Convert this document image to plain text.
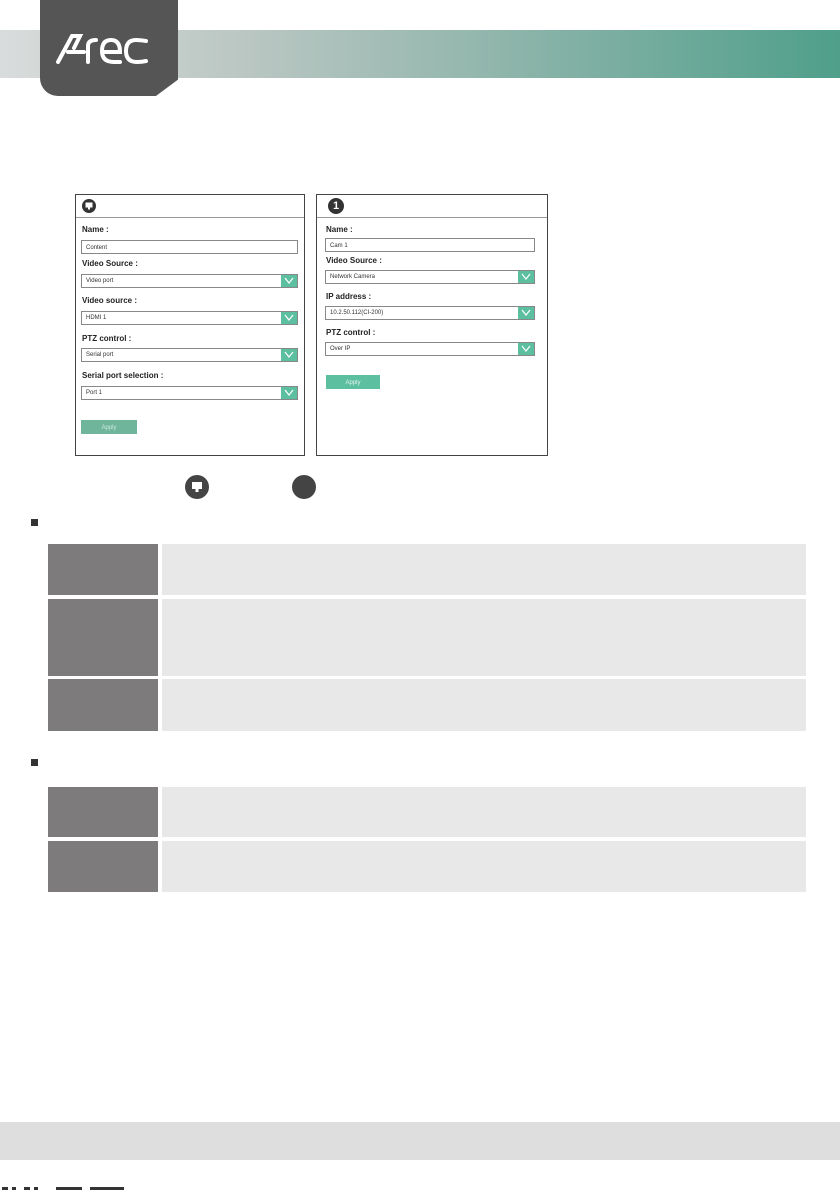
Name :
Content
Video Source :
Video port
Video source :
HDMI 1
PTZ control :
Serial port
Serial port selection :
Port 1
Apply
1
Name :
Cam 1
Video Source :
Network Camera
IP address :
10.2.50.112(CI-200)
PTZ control :
Over IP
Apply
